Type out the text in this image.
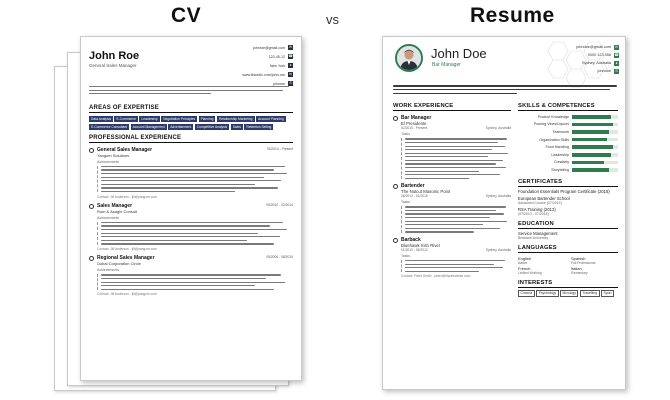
CV	vs	Resume
John Roe
General Sales Manager
johnroe@gmail.com ✉
123-45-12 ☎
New York	●
www.linkedin.com/john-roe	in
johnroe	S
AREAS OF EXPERTISE
Data Analysis	E-Commerce	Leadership	Negotiation Principles	Planning	Relationship Marketing	Account Planning
E-Commerce Consultant	Account Management	Advertisement	Competitive Analysis	Sales	Retention Selling
PROFESSIONAL EXPERIENCE
General Sales Manager
Yangom Solutions
03/2014 - Present
Achievements
Contact: Jill Anderson - jill@yangom.com
Sales Manager
Rum & Asagin Consult
09/2010 - 02/2014
Achievements
Contact: Jill Anderson - jill@yangom.com
Regional Sales Manager
Dubai Corporation Circle
05/2006 - 08/2010
Achievements
Contact: Jill Anderson - jill@yangom.com
John Doe
Bar Manager
johndoe@gmail.com ✉
0000 123 456 ☎
Sydney, Australia	●
johndoe	S
WORK EXPERIENCE
Bar Manager
El Presidente
02/2015 - Present	Sydney, Australia
Tasks
Bartender
The Nutcut Masonic Point
06/2012 - 01/2015	Sydney, Australia
Tasks
Barback
Bluehawk Irish River
01/2010 - 05/2012	Sydney, Australia
Tasks
Contact: Peter Smith - peter@elpresidente.com
SKILLS & COMPETENCES
Product Knowledge
Pouring Vines/Liquors
Teamwork
Organization Skills
Food Handling
Leadership
Creativity
Storytelling
CERTIFICATES
Foundation Essentials Program Certificate (2016)
European Bartender School
Advanced Course (07/2014)
RSA Training (2013)
(07/2013 - 07/2016)
EDUCATION
Service Management
Brisbane University
LANGUAGES
English
Native
Spanish
Full Professional
French
Limited Working
Italian
Elementary
INTERESTS
Cinema	Psychology	Mixology	Travelling	Sport
